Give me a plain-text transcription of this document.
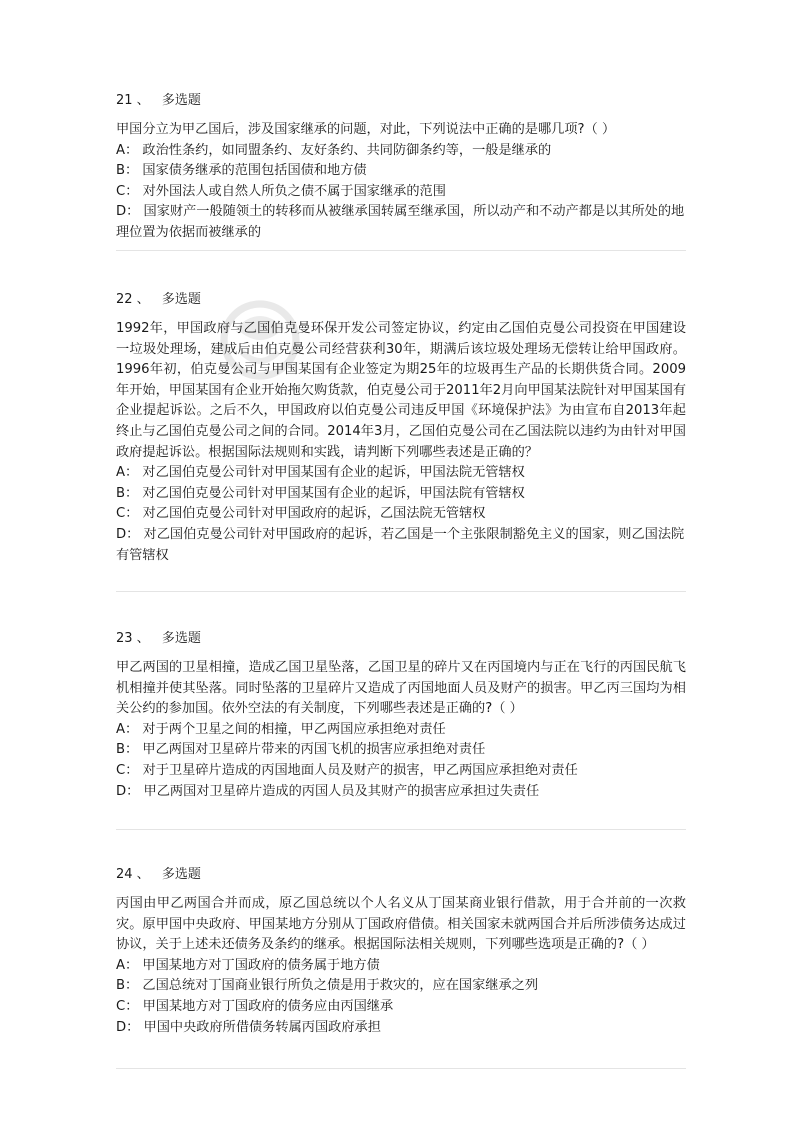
21 、 多选题
甲国分立为甲乙国后，涉及国家继承的问题，对此，下列说法中正确的是哪几项?（ ）
A： 政治性条约，如同盟条约、友好条约、共同防御条约等，一般是继承的
B： 国家债务继承的范围包括国债和地方债
C： 对外国法人或自然人所负之债不属于国家继承的范围
D： 国家财产一般随领土的转移而从被继承国转属至继承国，所以动产和不动产都是以其所处的地理位置为依据而被继承的
22 、 多选题
1992年，甲国政府与乙国伯克曼环保开发公司签定协议，约定由乙国伯克曼公司投资在甲国建设一垃圾处理场，建成后由伯克曼公司经营获利30年，期满后该垃圾处理场无偿转让给甲国政府。1996年初，伯克曼公司与甲国某国有企业签定为期25年的垃圾再生产品的长期供货合同。2009年开始，甲国某国有企业开始拖欠购货款，伯克曼公司于2011年2月向甲国某法院针对甲国某国有企业提起诉讼。之后不久，甲国政府以伯克曼公司违反甲国《环境保护法》为由宣布自2013年起终止与乙国伯克曼公司之间的合同。2014年3月，乙国伯克曼公司在乙国法院以违约为由针对甲国政府提起诉讼。根据国际法规则和实践，请判断下列哪些表述是正确的？
A： 对乙国伯克曼公司针对甲国某国有企业的起诉，甲国法院无管辖权
B： 对乙国伯克曼公司针对甲国某国有企业的起诉，甲国法院有管辖权
C： 对乙国伯克曼公司针对甲国政府的起诉，乙国法院无管辖权
D： 对乙国伯克曼公司针对甲国政府的起诉，若乙国是一个主张限制豁免主义的国家，则乙国法院有管辖权
23 、 多选题
甲乙两国的卫星相撞，造成乙国卫星坠落，乙国卫星的碎片又在丙国境内与正在飞行的丙国民航飞机相撞并使其坠落。同时坠落的卫星碎片又造成了丙国地面人员及财产的损害。甲乙丙三国均为相关公约的参加国。依外空法的有关制度，下列哪些表述是正确的?（ ）
A： 对于两个卫星之间的相撞，甲乙两国应承担绝对责任
B： 甲乙两国对卫星碎片带来的丙国飞机的损害应承担绝对责任
C： 对于卫星碎片造成的丙国地面人员及财产的损害，甲乙两国应承担绝对责任
D： 甲乙两国对卫星碎片造成的丙国人员及其财产的损害应承担过失责任
24 、 多选题
丙国由甲乙两国合并而成，原乙国总统以个人名义从丁国某商业银行借款，用于合并前的一次救灾。原甲国中央政府、甲国某地方分别从丁国政府借债。相关国家未就两国合并后所涉债务达成过协议，关于上述未还债务及条约的继承。根据国际法相关规则，下列哪些选项是正确的?（ ）
A： 甲国某地方对丁国政府的债务属于地方债
B： 乙国总统对丁国商业银行所负之债是用于救灾的，应在国家继承之列
C： 甲国某地方对丁国政府的债务应由丙国继承
D： 甲国中央政府所借债务转属丙国政府承担
